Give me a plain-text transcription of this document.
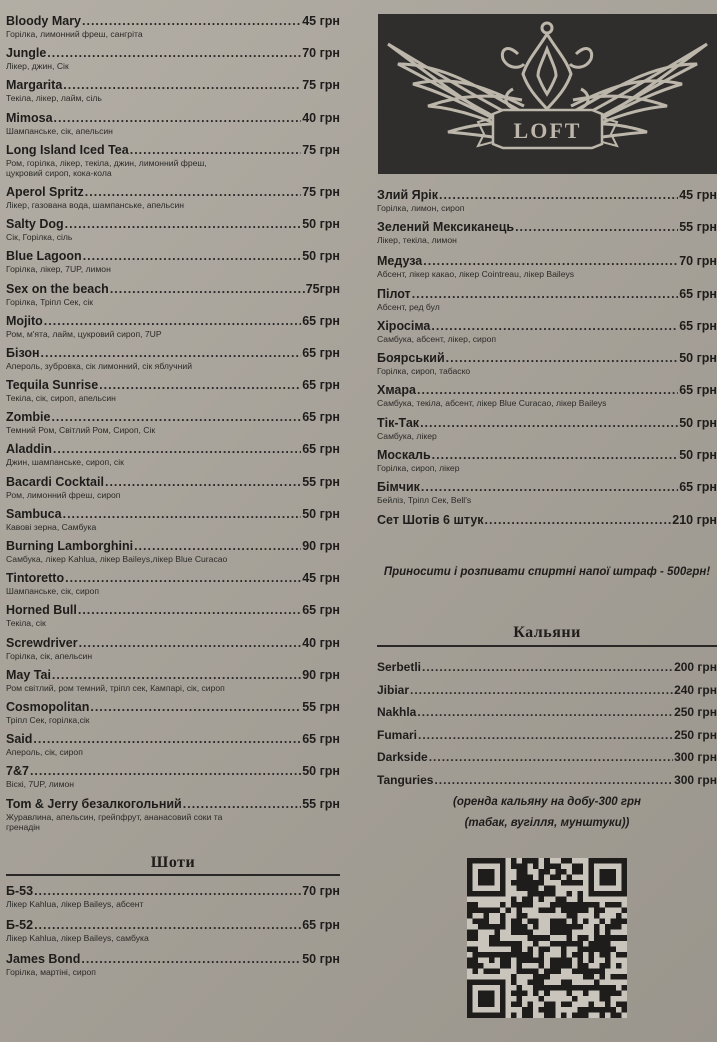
Bloody Mary .....	45 грн
Горілка, лимонний фреш, сангріта
Jungle .....	70 грн
Лікер, джин, Сік
Margarita .....	75 грн
Текіла, лікер, лайм, сіль
Mimosa .....	40 грн
Шампанське, сік, апельсин
Long Island Iced Tea .....	75 грн
Ром, горілка, лікер, текіла, джин, лимонний фреш, цукровий сироп, кока-кола
Aperol Spritz .....	75 грн
Лікер, газована вода, шампанське, апельсин
Salty Dog .....	50 грн
Сік, Горілка, сіль
Blue Lagoon .....	50 грн
Горілка, лікер, 7UP, лимон
Sex on the beach .....	75грн
Горілка, Тріпл Сек, сік
Mojito .....	65 грн
Ром, м'ята, лайм, цукровий сироп, 7UP
Бізон .....	65 грн
Апероль, зубровка, сік лимонний, сік яблучний
Tequila Sunrise .....	65 грн
Текіла, сік, сироп, апельсин
Zombie .....	65 грн
Темний Ром, Світлий Ром, Сироп, Сік
Aladdin .....	65 грн
Джин, шампанське, сироп, сік
Bacardi Cocktail .....	55 грн
Ром, лимонний фреш, сироп
Sambuca .....	50 грн
Кавові зерна, Самбука
Burning Lamborghini .....	90 грн
Самбука, лікер Kahlua, лікер Baileys,лікер Blue Curacao
Tintoretto .....	45 грн
Шампанське, сік, сироп
Horned Bull .....	65 грн
Текіла, сік
Screwdriver .....	40 грн
Горілка, сік, апельсин
May Tai .....	90 грн
Ром світлий, ром темний, тріпл сек, Кампарі, сік, сироп
Cosmopolitan .....	55 грн
Тріпл Сек, горілка,сік
Said .....	65 грн
Апероль, сік, сироп
7&7 .....	50 грн
Віскі, 7UP, лимон
Tom & Jerry безалкогольний .....	55 грн
Журавлина, апельсин, грейпфрут, ананасовий соки та гренадін
Шоти
Б-53 .....	70 грн
Лікер Kahlua, лікер Baileys, абсент
Б-52 .....	65 грн
Лікер Kahlua, лікер Baileys, самбука
James Bond .....	50 грн
Горілка, мартіні, сироп
LOFT
Злий Ярік .....	45 грн
Горілка, лимон, сироп
Зелений Мексиканець .....	55 грн
Лікер, текіла, лимон
Медуза .....	70 грн
Абсент, лікер какао, лікер Cointreau, лікер Baileys
Пілот .....	65 грн
Абсент, ред бул
Хіросіма .....	65 грн
Самбука, абсент, лікер, сироп
Боярський .....	50 грн
Горілка, сироп, табаско
Хмара .....	65 грн
Самбука, текіла, абсент, лікер Blue Curacao, лікер Baileys
Тік-Так .....	50 грн
Самбука, лікер
Москаль .....	50 грн
Горілка, сироп, лікер
Бімчик .....	65 грн
Бейліз, Тріпл Сек, Bell's
Сет Шотів 6 штук .....	210 грн
Приносити і розпивати спиртні напої штраф - 500грн!
Кальяни
Serbetli .....	200 грн
Jibiar .....	240 грн
Nakhla .....	250 грн
Fumari .....	250 грн
Darkside .....	300 грн
Tanguries .....	300 грн
(оренда кальяну на добу-300 грн
(табак, вугілля, мунштуки))
